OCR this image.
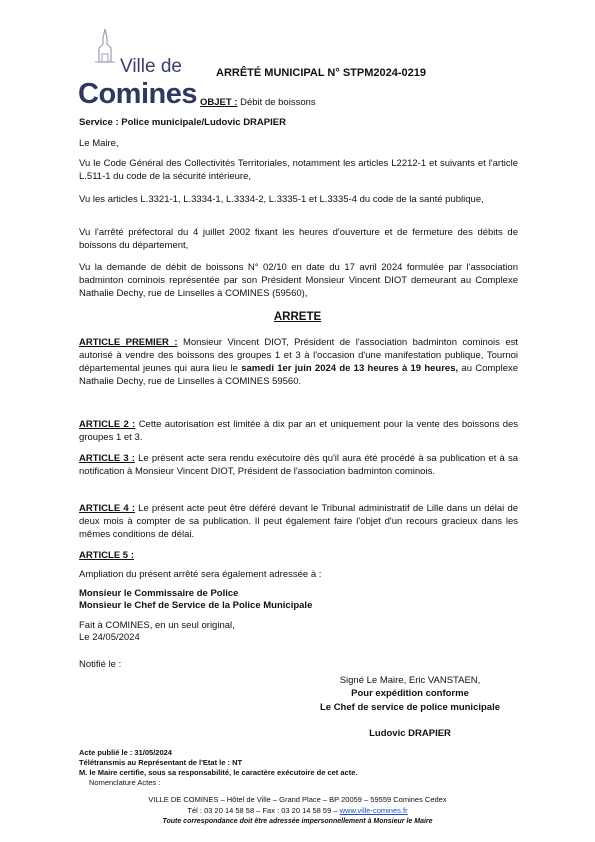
Ville de
Comines
ARRÊTÉ MUNICIPAL N° STPM2024-0219
OBJET : Débit de boissons
Service : Police municipale/Ludovic DRAPIER
Le Maire,
Vu le Code Général des Collectivités Territoriales, notamment les articles L2212-1 et suivants et l'article L.511-1 du code de la sécurité intérieure,
Vu les articles L.3321-1, L.3334-1, L.3334-2, L.3335-1 et L.3335-4 du code de la santé publique,
Vu l'arrêté préfectoral du 4 juillet 2002 fixant les heures d'ouverture et de fermeture des débits de boissons du département,
Vu la demande de débit de boissons N° 02/10 en date du 17 avril 2024 formulée par l'association badminton cominois représentée par son Président Monsieur Vincent DIOT demeurant au Complexe Nathalie Dechy, rue de Linselles à COMINES (59560),
ARRETE
ARTICLE PREMIER : Monsieur Vincent DIOT, Président de l'association badminton cominois est autorisé à vendre des boissons des groupes 1 et 3 à l'occasion d'une manifestation publique, Tournoi départemental jeunes qui aura lieu le samedi 1er juin 2024 de 13 heures à 19 heures, au Complexe Nathalie Dechy, rue de Linselles à COMINES 59560.
ARTICLE 2 : Cette autorisation est limitée à dix par an et uniquement pour la vente des boissons des groupes 1 et 3.
ARTICLE 3 : Le présent acte sera rendu exécutoire dès qu'il aura été procédé à sa publication et à sa notification à Monsieur Vincent DIOT, Président de l'association badminton cominois.
ARTICLE 4 : Le présent acte peut être déféré devant le Tribunal administratif de Lille dans un délai de deux mois à compter de sa publication. Il peut également faire l'objet d'un recours gracieux dans les mêmes conditions de délai.
ARTICLE 5 :
Ampliation du présent arrêté sera également adressée à :
Monsieur le Commissaire de Police
Monsieur le Chef de Service de la Police Municipale
Fait à COMINES, en un seul original,
Le 24/05/2024
Notifié le :
Signé Le Maire, Eric VANSTAEN,
Pour expédition conforme
Le Chef de service de police municipale
Ludovic DRAPIER
Acte publié le : 31/05/2024
Télétransmis au Représentant de l'Etat le : NT
M. le Maire certifie, sous sa responsabilité, le caractère exécutoire de cet acte.
Nomenclature Actes :
VILLE DE COMINES – Hôtel de Ville – Grand Place – BP 20059 – 59559 Comines Cedex
Tél : 03 20 14 58 58 – Fax : 03 20 14 58 59 – www.ville-comines.fr
Toute correspondance doit être adressée impersonnellement à Monsieur le Maire
